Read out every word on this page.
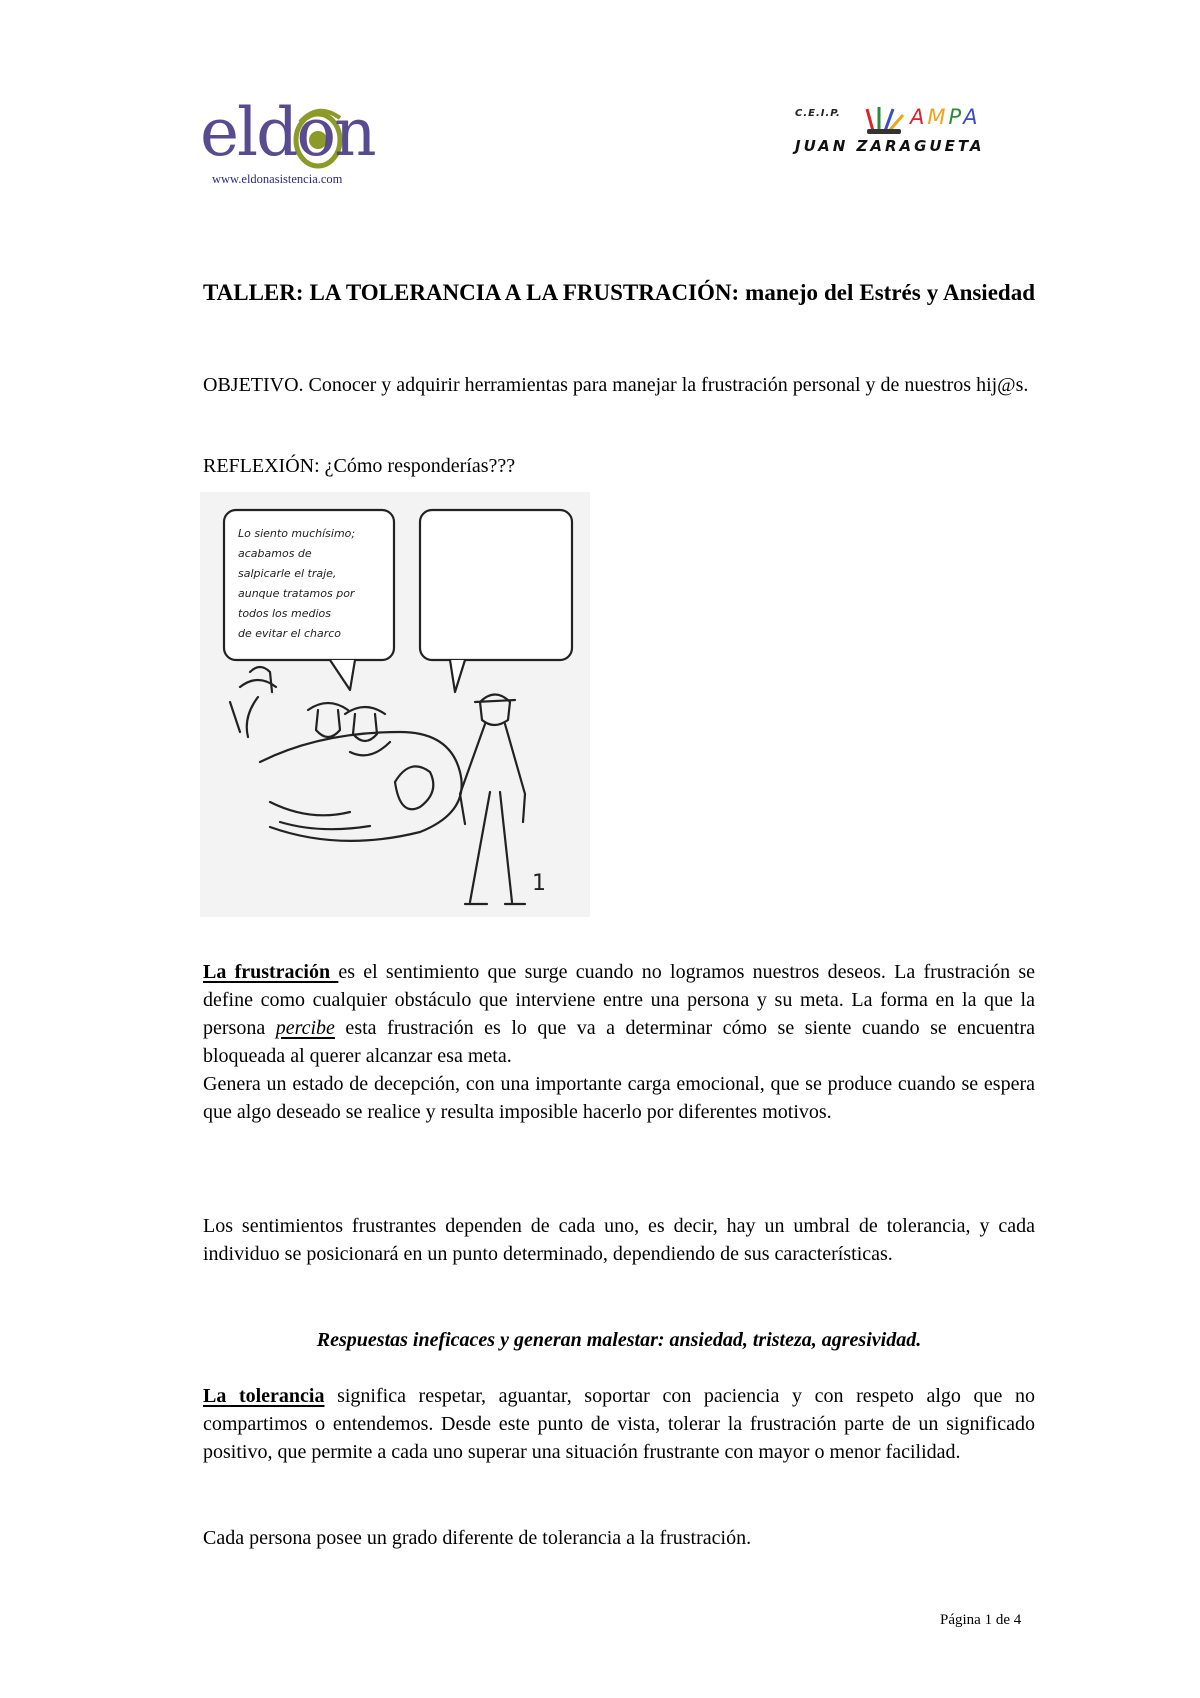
eldon
www.eldonasistencia.com
C.E.I.P.	AMPA
JUAN ZARAGUETA
TALLER: LA TOLERANCIA A LA FRUSTRACIÓN: manejo del Estrés y Ansiedad

OBJETIVO. Conocer y adquirir herramientas para manejar la frustración personal y de nuestros hij@s.

REFLEXIÓN: ¿Cómo responderías???

1
Lo siento muchísimo;
acabamos de
salpicarle el traje,
aunque tratamos por
todos los medios
de evitar el charco

La frustración es el sentimiento que surge cuando no logramos nuestros deseos. La frustración se define como cualquier obstáculo que interviene entre una persona y su meta. La forma en la que la persona percibe esta frustración es lo que va a determinar cómo se siente cuando se encuentra bloqueada al querer alcanzar esa meta.

Genera un estado de decepción, con una importante carga emocional, que se produce cuando se espera que algo deseado se realice y resulta imposible hacerlo por diferentes motivos.

Los sentimientos frustrantes dependen de cada uno, es decir, hay un umbral de tolerancia, y cada individuo se posicionará en un punto determinado, dependiendo de sus características.

Respuestas ineficaces y generan malestar: ansiedad, tristeza, agresividad.

La tolerancia significa respetar, aguantar, soportar con paciencia y con respeto algo que no compartimos o entendemos. Desde este punto de vista, tolerar la frustración parte de un significado positivo, que permite a cada uno superar una situación frustrante con mayor o menor facilidad.

Cada persona posee un grado diferente de tolerancia a la frustración.

Página 1 de 4
